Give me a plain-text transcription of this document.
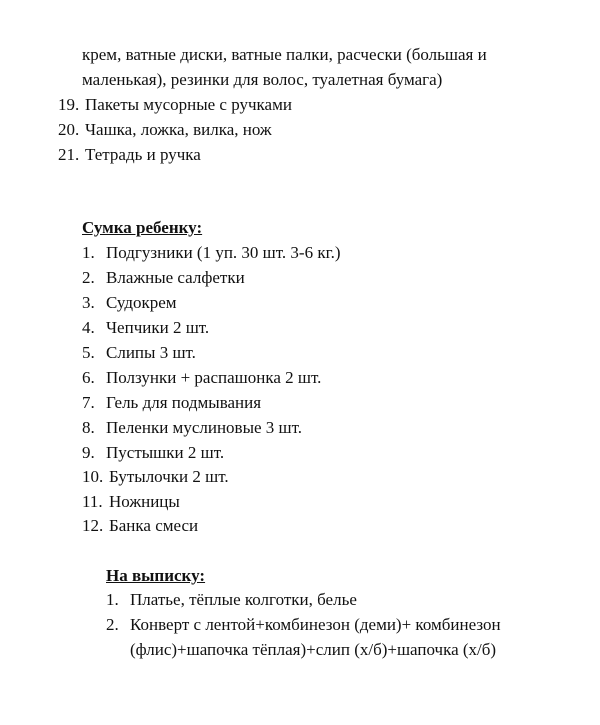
крем, ватные диски, ватные палки, расчески (большая и
маленькая), резинки для волос, туалетная бумага)
19. Пакеты мусорные с ручками
20. Чашка, ложка, вилка, нож
21. Тетрадь и ручка
Сумка ребенку:
1. Подгузники (1 уп. 30 шт. 3-6 кг.)
2. Влажные салфетки
3. Судокрем
4. Чепчики 2 шт.
5. Слипы 3 шт.
6. Ползунки + распашонка 2 шт.
7. Гель для подмывания
8. Пеленки муслиновые 3 шт.
9. Пустышки 2 шт.
10. Бутылочки 2 шт.
11. Ножницы
12. Банка смеси
На выписку:
1. Платье, тёплые колготки, белье
2. Конверт с лентой+комбинезон (деми)+ комбинезон
(флис)+шапочка тёплая)+слип (х/б)+шапочка (х/б)
